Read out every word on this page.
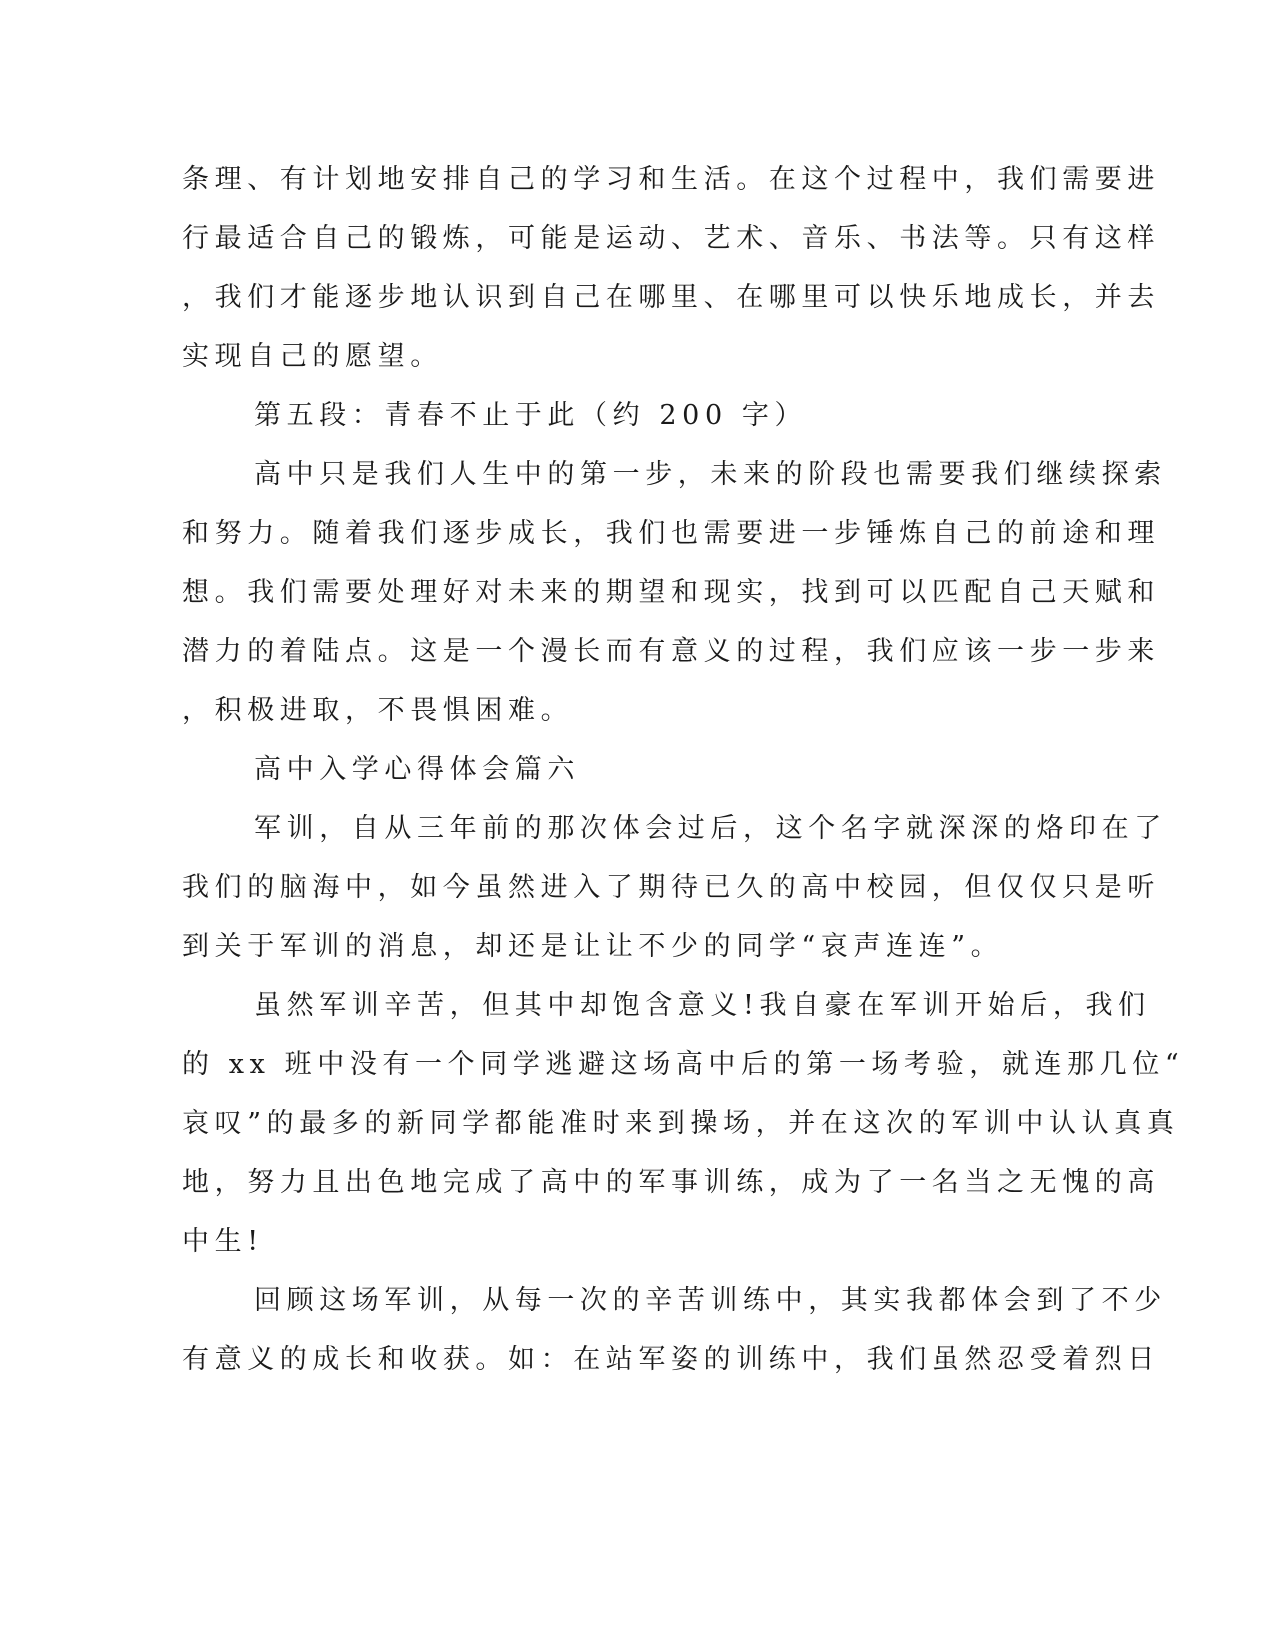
条理、有计划地安排自己的学习和生活。在这个过程中，我们需要进
行最适合自己的锻炼，可能是运动、艺术、音乐、书法等。只有这样
，我们才能逐步地认识到自己在哪里、在哪里可以快乐地成长，并去
实现自己的愿望。
第五段：青春不止于此（约 200 字）
高中只是我们人生中的第一步，未来的阶段也需要我们继续探索
和努力。随着我们逐步成长，我们也需要进一步锤炼自己的前途和理
想。我们需要处理好对未来的期望和现实，找到可以匹配自己天赋和
潜力的着陆点。这是一个漫长而有意义的过程，我们应该一步一步来
，积极进取，不畏惧困难。
高中入学心得体会篇六
军训，自从三年前的那次体会过后，这个名字就深深的烙印在了
我们的脑海中，如今虽然进入了期待已久的高中校园，但仅仅只是听
到关于军训的消息，却还是让让不少的同学“哀声连连”。
虽然军训辛苦，但其中却饱含意义!我自豪在军训开始后，我们
的 xx 班中没有一个同学逃避这场高中后的第一场考验，就连那几位“
哀叹”的最多的新同学都能准时来到操场，并在这次的军训中认认真真
地，努力且出色地完成了高中的军事训练，成为了一名当之无愧的高
中生!
回顾这场军训，从每一次的辛苦训练中，其实我都体会到了不少
有意义的成长和收获。如：在站军姿的训练中，我们虽然忍受着烈日
